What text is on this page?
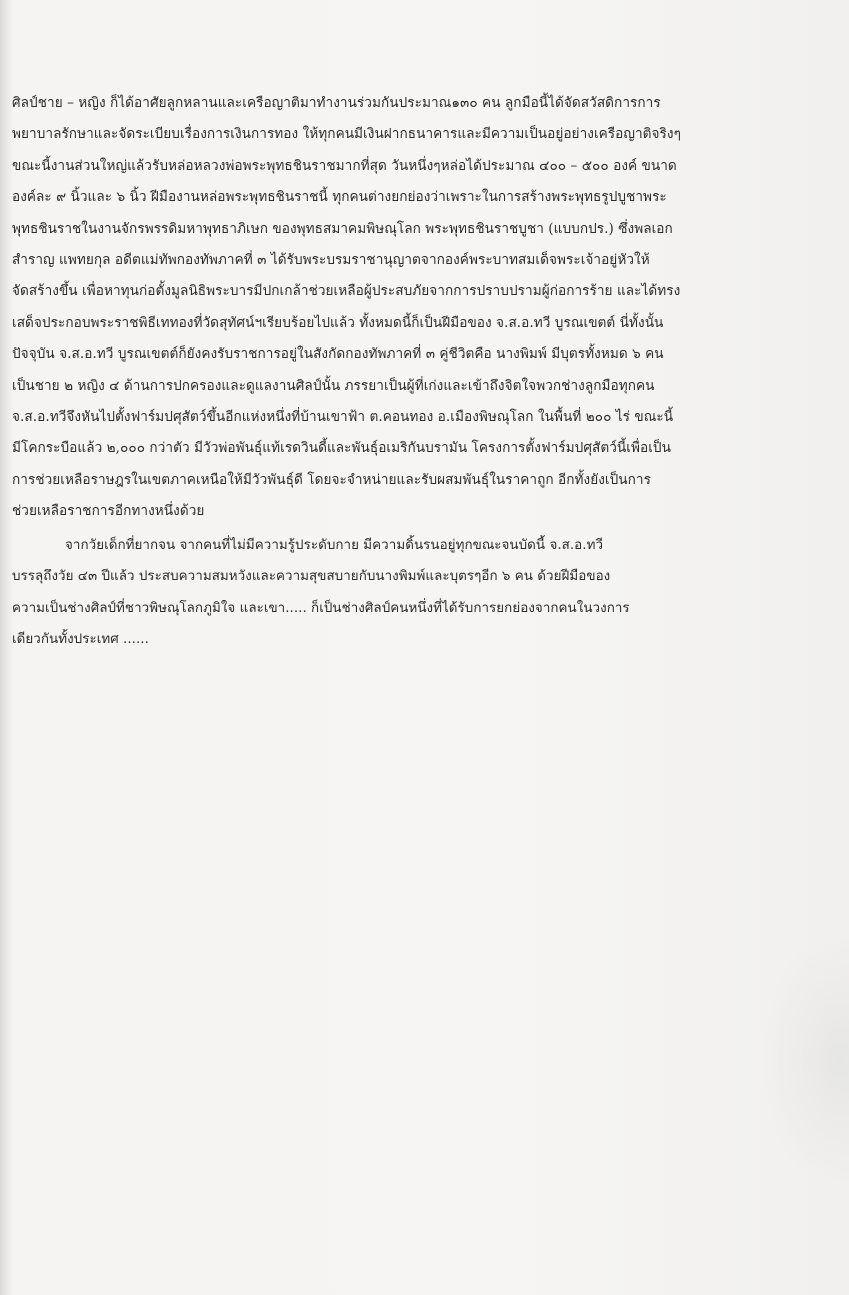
ศิลป์ชาย – หญิง ก็ได้อาศัยลูกหลานและเครือญาติมาทำงานร่วมกันประมาณ๑๓๐ คน ลูกมือนี้ได้จัดสวัสดิการการ
พยาบาลรักษาและจัดระเบียบเรื่องการเงินการทอง ให้ทุกคนมีเงินฝากธนาคารและมีความเป็นอยู่อย่างเครือญาติจริงๆ
ขณะนี้งานส่วนใหญ่แล้วรับหล่อหลวงพ่อพระพุทธชินราชมากที่สุด วันหนึ่งๆหล่อได้ประมาณ ๔๐๐ – ๕๐๐ องค์ ขนาด
องค์ละ ๙ นิ้วและ ๖ นิ้ว ฝีมืองานหล่อพระพุทธชินราชนี้ ทุกคนต่างยกย่องว่าเพราะในการสร้างพระพุทธรูปบูชาพระ
พุทธชินราชในงานจักรพรรดิมหาพุทธาภิเษก ของพุทธสมาคมพิษณุโลก พระพุทธชินราชบูชา (แบบกปร.) ซึ่งพลเอก
สำราญ แพทยกุล อดีตแม่ทัพกองทัพภาคที่ ๓ ได้รับพระบรมราชานุญาตจากองค์พระบาทสมเด็จพระเจ้าอยู่หัวให้
จัดสร้างขึ้น เพื่อหาทุนก่อตั้งมูลนิธิพระบารมีปกเกล้าช่วยเหลือผู้ประสบภัยจากการปราบปรามผู้ก่อการร้าย และได้ทรง
เสด็จประกอบพระราชพิธีเททองที่วัดสุทัศน์ฯเรียบร้อยไปแล้ว ทั้งหมดนี้ก็เป็นฝีมือของ จ.ส.อ.ทวี บูรณเขตต์ นี่ทั้งนั้น
ปัจจุบัน จ.ส.อ.ทวี บูรณเขตต์ก็ยังคงรับราชการอยู่ในสังกัดกองทัพภาคที่ ๓ คู่ชีวิตคือ นางพิมพ์ มีบุตรทั้งหมด ๖ คน
เป็นชาย ๒ หญิง ๔ ด้านการปกครองและดูแลงานศิลป์นั้น ภรรยาเป็นผู้ที่เก่งและเข้าถึงจิตใจพวกช่างลูกมือทุกคน
จ.ส.อ.ทวีจึงหันไปตั้งฟาร์มปศุสัตว์ขึ้นอีกแห่งหนึ่งที่บ้านเขาฟ้า ต.คอนทอง อ.เมืองพิษณุโลก ในพื้นที่ ๒๐๐ ไร่ ขณะนี้
มีโคกระบือแล้ว ๒,๐๐๐ กว่าตัว มีวัวพ่อพันธุ์แท้เรดวินดี้และพันธุ์อเมริกันบรามัน โครงการตั้งฟาร์มปศุสัตว์นี้เพื่อเป็น
การช่วยเหลือราษฎรในเขตภาคเหนือให้มีวัวพันธุ์ดี โดยจะจำหน่ายและรับผสมพันธุ์ในราคาถูก อีกทั้งยังเป็นการ
ช่วยเหลือราชการอีกทางหนึ่งด้วย

จากวัยเด็กที่ยากจน จากคนที่ไม่มีความรู้ประดับกาย มีความดิ้นรนอยู่ทุกขณะจนบัดนี้ จ.ส.อ.ทวี
บรรลุถึงวัย ๔๓ ปีแล้ว ประสบความสมหวังและความสุขสบายกับนางพิมพ์และบุตรๆอีก ๖ คน ด้วยฝีมือของ
ความเป็นช่างศิลป์ที่ชาวพิษณุโลกภูมิใจ และเขา..... ก็เป็นช่างศิลป์คนหนึ่งที่ได้รับการยกย่องจากคนในวงการ
เดียวกันทั้งประเทศ ......
